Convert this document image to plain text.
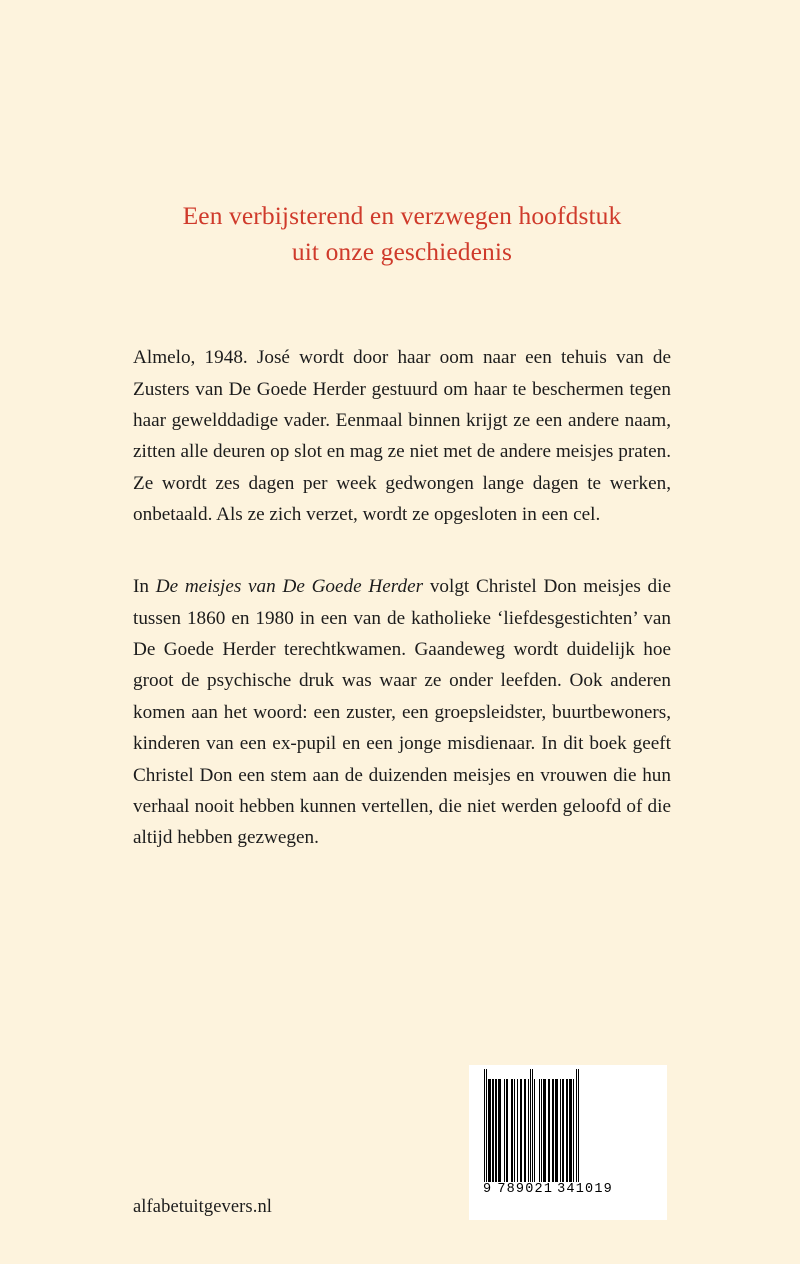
Een verbijsterend en verzwegen hoofdstuk
uit onze geschiedenis

Almelo, 1948. José wordt door haar oom naar een tehuis van de Zusters van De Goede Herder gestuurd om haar te beschermen tegen haar gewelddadige vader. Eenmaal binnen krijgt ze een andere naam, zitten alle deuren op slot en mag ze niet met de andere meisjes praten. Ze wordt zes dagen per week gedwongen lange dagen te werken, onbetaald. Als ze zich verzet, wordt ze opgesloten in een cel.

In De meisjes van De Goede Herder volgt Christel Don meisjes die tussen 1860 en 1980 in een van de katholieke ‘liefdesgestichten’ van De Goede Herder terechtkwamen. Gaandeweg wordt duidelijk hoe groot de psychische druk was waar ze onder leefden. Ook anderen komen aan het woord: een zuster, een groepsleidster, buurtbewoners, kinderen van een ex-pupil en een jonge misdienaar. In dit boek geeft Christel Don een stem aan de duizenden meisjes en vrouwen die hun verhaal nooit hebben kunnen vertellen, die niet werden geloofd of die altijd hebben gezwegen.

9 789021 341019
alfabetuitgevers.nl
